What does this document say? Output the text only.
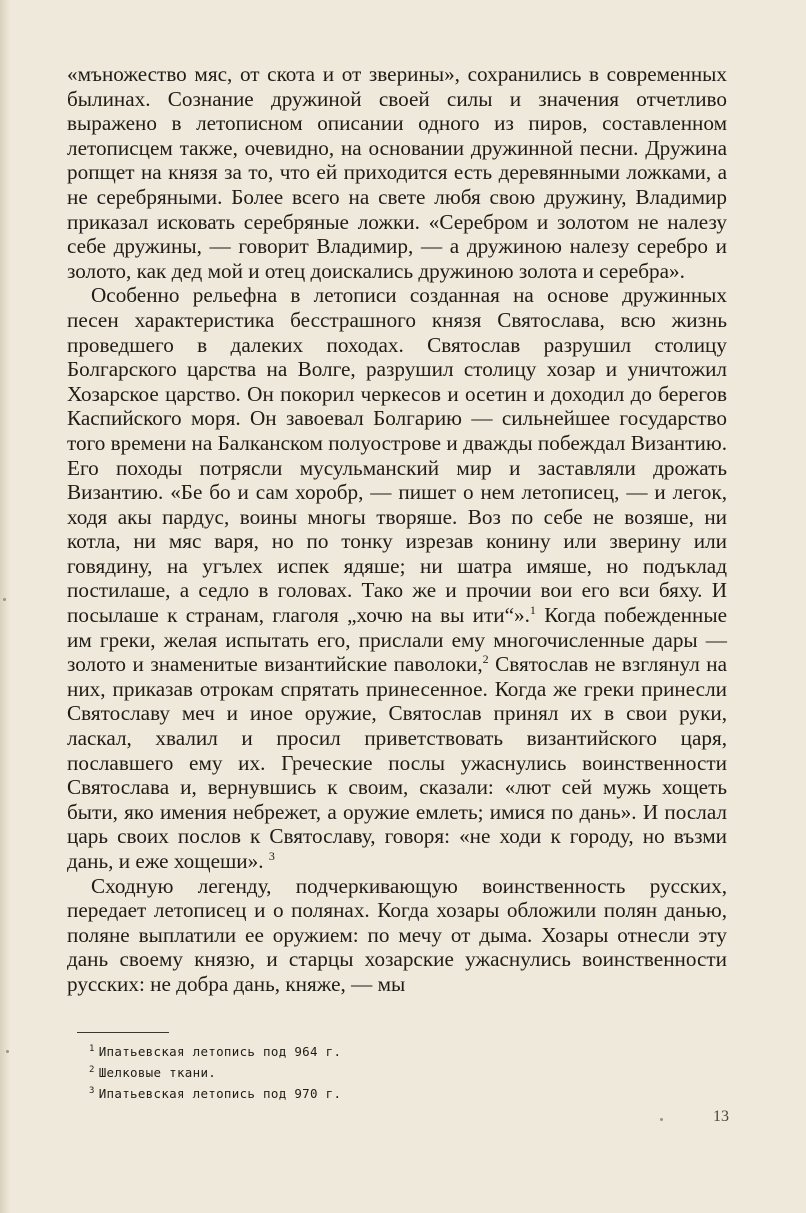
«мъножество мяс, от скота и от зверины», сохранились в современных былинах. Сознание дружиной своей силы и значения отчетливо выражено в летописном описании одного из пиров, составленном летописцем также, очевидно, на основании дружинной песни. Дружина ропщет на князя за то, что ей приходится есть деревянными ложками, а не серебряными. Более всего на свете любя свою дружину, Владимир приказал исковать серебряные ложки. «Серебром и золотом не налезу себе дружины, — говорит Владимир, — а дружиною налезу серебро и золото, как дед мой и отец доискались дружиною золота и серебра».

Особенно рельефна в летописи созданная на основе дружинных песен характеристика бесстрашного князя Святослава, всю жизнь проведшего в далеких походах. Святослав разрушил столицу Болгарского царства на Волге, разрушил столицу хозар и уничтожил Хозарское царство. Он покорил черкесов и осетин и доходил до берегов Каспийского моря. Он завоевал Болгарию — сильнейшее государство того времени на Балканском полуострове и дважды побеждал Византию. Его походы потрясли мусульманский мир и заставляли дрожать Византию. «Бе бо и сам хоробр, — пишет о нем летописец, — и легок, ходя акы пардус, воины многы творяше. Воз по себе не возяше, ни котла, ни мяс варя, но по тонку изрезав конину или зверину или говядину, на угълех испек ядяше; ни шатра имяше, но подъклад постилаше, а седло в головах. Тако же и прочии вои его вси бяху. И посылаше к странам, глаголя „хочю на вы ити“».$^1$ Когда побежденные им греки, желая испытать его, прислали ему многочисленные дары — золото и знаменитые византийские паволоки,$^2$ Святослав не взглянул на них, приказав отрокам спрятать принесенное. Когда же греки принесли Святославу меч и иное оружие, Святослав принял их в свои руки, ласкал, хвалил и просил приветствовать византийского царя, пославшего ему их. Греческие послы ужаснулись воинственности Святослава и, вернувшись к своим, сказали: «лют сей мужь хощеть быти, яко имения небрежет, а оружие емлеть; имися по дань». И послал царь своих послов к Святославу, говоря: «не ходи к городу, но възми дань, и еже хощеши». $^3$

Сходную легенду, подчеркивающую воинственность русских, передает летописец и о полянах. Когда хозары обложили полян данью, поляне выплатили ее оружием: по мечу от дыма. Хозары отнесли эту дань своему князю, и старцы хозарские ужаснулись воинственности русских: не добра дань, княже, — мы

$^1$ Ипатьевская летопись под 964 г.
$^2$ Шелковые ткани.
$^3$ Ипатьевская летопись под 970 г.
13
